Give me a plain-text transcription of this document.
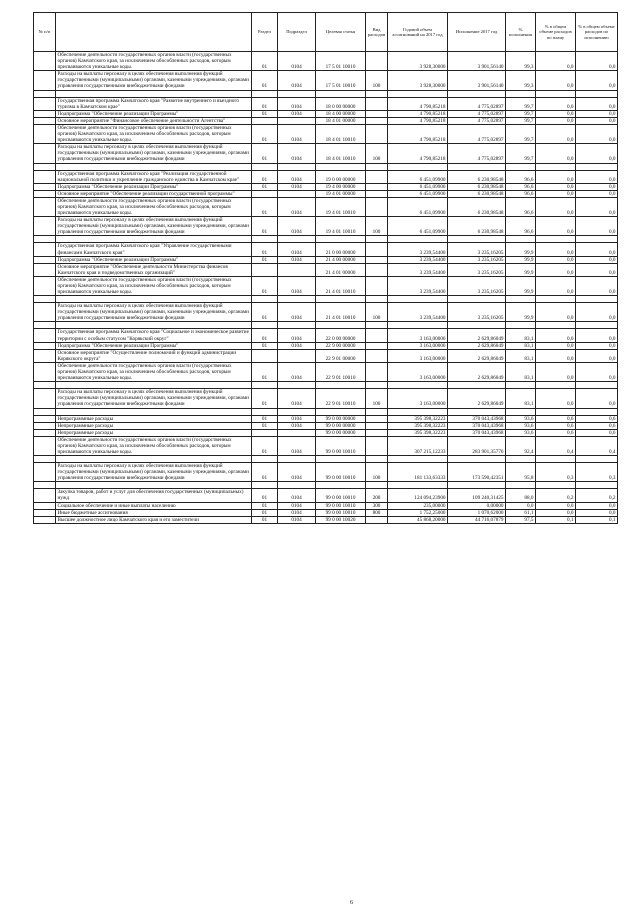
№ п/п		Раздел	Подраздел	Целевая статья	Вид расходов	Годовой объем ассигнований на 2017 год	Исполнение 2017 год	% исполнения	% в общем объеме расходов по плану	% в общем объеме расходов по исполнению
	Обеспечение деятельности государственных органов власти (государственных органов) Камчатского края, за исключением обособленных расходов, которым присваиваются уникальные коды.	01	0104	17 5 01 10010		3 928,30000	3 901,56140	99,3	0,0	0,0
	Расходы на выплаты персоналу в целях обеспечения выполнения функций государственными (муниципальными) органами, казенными учреждениями, органами управления государственными внебюджетными фондами	01	0104	17 5 01 10010	100	3 928,30000	3 901,56140	99,3	0,0	0,0

	Государственная программа Камчатского края "Развитие внутреннего и въездного туризма в Камчатском крае"	01	0104	18 0 00 00000		4 790,85218	4 775,02897	99,7	0,0	0,0
	Подпрограмма "Обеспечение реализации Программы"	01	0104	18 4 00 00000		4 790,85218	4 775,02897	99,7	0,0	0,0
	Основное мероприятие "Финансовое обеспечение деятельности Агентства"			18 4 01 00000		4 790,85218	4 775,02897	99,7	0,0	0,0
	Обеспечение деятельности государственных органов власти (государственных органов) Камчатского края, за исключением обособленных расходов, которым присваиваются уникальные коды.	01	0104	18 4 01 10010		4 790,85218	4 775,02897	99,7	0,0	0,0
	Расходы на выплаты персоналу в целях обеспечения выполнения функций государственными (муниципальными) органами, казенными учреждениями, органами управления государственными внебюджетными фондами	01	0104	18 4 01 10010	100	4 790,85218	4 775,02897	99,7	0,0	0,0

	Государственная программа Камчатского края "Реализация государственной национальной политики и укрепление гражданского единства в Камчатском крае"	01	0104	19 0 00 00000		6 451,09900	6 230,98548	96,6	0,0	0,0
	Подпрограмма "Обеспечение реализации Программы"	01	0104	19 4 00 00000		6 451,09900	6 230,98548	96,6	0,0	0,0
	Основное мероприятие "Обеспечение реализации государственной программы"			19 4 01 00000		6 451,09900	6 230,98548	96,6	0,0	0,0
	Обеспечение деятельности государственных органов власти (государственных органов) Камчатского края, за исключением обособленных расходов, которым присваиваются уникальные коды.	01	0104	19 4 01 10010		6 451,09900	6 230,98548	96,6	0,0	0,0
	Расходы на выплаты персоналу в целях обеспечения выполнения функций государственными (муниципальными) органами, казенными учреждениями, органами управления государственными внебюджетными фондами	01	0104	19 4 01 10010	100	6 451,09900	6 230,98548	96,6	0,0	0,0

	Государственная программа Камчатского края "Управление государственными финансами Камчатского края"	01	0104	21 0 00 00000		3 239,54400	3 235,16205	99,9	0,0	0,0
	Подпрограмма "Обеспечение реализации Программы"	01	0104	21 4 00 00000		3 239,54400	3 235,16205	99,9	0,0	0,0
	Основное мероприятие "Обеспечение деятельности Министерства финансов Камчатского края и подведомственных организаций"			21 4 01 00000		3 239,54400	3 235,16205	99,9	0,0	0,0
	Обеспечение деятельности государственных органов власти (государственных органов) Камчатского края, за исключением обособленных расходов, которым присваиваются уникальные коды.	01	0104	21 4 01 10010		3 239,54400	3 235,16205	99,9	0,0	0,0

	Расходы на выплаты персоналу в целях обеспечения выполнения функций государственными (муниципальными) органами, казенными учреждениями, органами управления государственными внебюджетными фондами	01	0104	21 4 01 10010	100	3 239,54400	3 235,16205	99,9	0,0	0,0

	Государственная программа Камчатского края "Социальное и экономическое развитие территории с особым статусом "Корякский округ"	01	0104	22 0 00 00000		3 163,00000	2 629,86049	83,1	0,0	0,0
	Подпрограмма "Обеспечение реализации Программы"	01	0104	22 9 00 00000		3 163,00000	2 629,86049	83,1	0,0	0,0
	Основное мероприятие "Осуществление полномочий и функций администрации Корякского округа"			22 9 01 00000		3 163,00000	2 629,86049	83,1	0,0	0,0
	Обеспечение деятельности государственных органов власти (государственных органов) Камчатского края, за исключением обособленных расходов, которым присваиваются уникальные коды.	01	0104	22 9 01 10010		3 163,00000	2 629,86049	83,1	0,0	0,0

	Расходы на выплаты персоналу в целях обеспечения выполнения функций государственными (муниципальными) органами, казенными учреждениями, органами управления государственными внебюджетными фондами	01	0104	22 9 01 10010	100	3 163,00000	2 629,86049	83,1	0,0	0,0

	Непрограммные расходы	01	0104	99 0 00 00000		395 398,32223	370 043,43968	93,6	0,6	0,6
	Непрограммные расходы	01	0104	99 0 00 00000		395 398,32223	370 043,43968	93,6	0,6	0,6
	Непрограммные расходы			99 0 00 00000		395 398,32223	370 043,43968	93,6	0,6	0,6
	Обеспечение деятельности государственных органов власти (государственных органов) Камчатского края, за исключением обособленных расходов, которым присваиваются уникальные коды.	01	0104	99 0 00 10010		307 215,12233	283 901,35776	92,4	0,4	0,4

	Расходы на выплаты персоналу в целях обеспечения выполнения функций государственными (муниципальными) органами, казенными учреждениями, органами управления государственными внебюджетными фондами	01	0104	99 0 00 10010	100	181 133,63333	173 590,42351	95,8	0,3	0,3

	Закупка товаров, работ и услуг для обеспечения государственных (муниципальных) нужд	01	0104	99 0 00 10010	200	124 094,23900	109 240,31425	88,0	0,2	0,2
	Социальное обеспечение и иные выплаты населению	01	0104	99 0 00 10010	300	235,00000	0,00000	0,0	0,0	0,0
	Иные бюджетные ассигнования	01	0104	99 0 00 10010	800	1 752,25000	1 070,62000	61,1	0,0	0,0
	Высшее должностное лицо Камчатского края и его заместители	01	0104	99 0 00 10020		45 868,20000	44 716,07879	97,5	0,1	0,1
6
